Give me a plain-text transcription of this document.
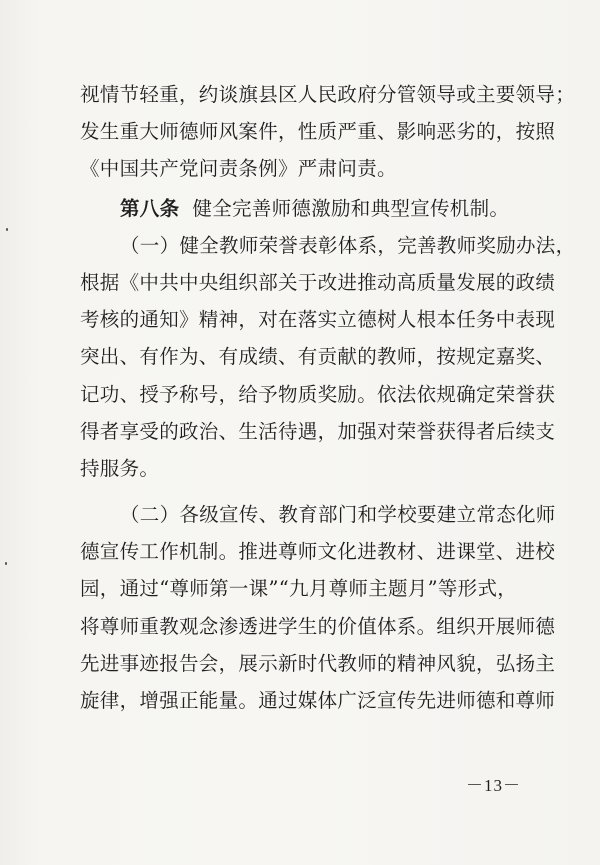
视情节轻重，约谈旗县区人民政府分管领导或主要领导；
发生重大师德师风案件，性质严重、影响恶劣的，按照
《中国共产党问责条例》严肃问责。
第八条 健全完善师德激励和典型宣传机制。
（一）健全教师荣誉表彰体系，完善教师奖励办法，
根据《中共中央组织部关于改进推动高质量发展的政绩
考核的通知》精神，对在落实立德树人根本任务中表现
突出、有作为、有成绩、有贡献的教师，按规定嘉奖、
记功、授予称号，给予物质奖励。依法依规确定荣誉获
得者享受的政治、生活待遇，加强对荣誉获得者后续支
持服务。
（二）各级宣传、教育部门和学校要建立常态化师
德宣传工作机制。推进尊师文化进教材、进课堂、进校
园，通过“尊师第一课”“九月尊师主题月”等形式，
将尊师重教观念渗透进学生的价值体系。组织开展师德
先进事迹报告会，展示新时代教师的精神风貌，弘扬主
旋律，增强正能量。通过媒体广泛宣传先进师德和尊师
－13－
